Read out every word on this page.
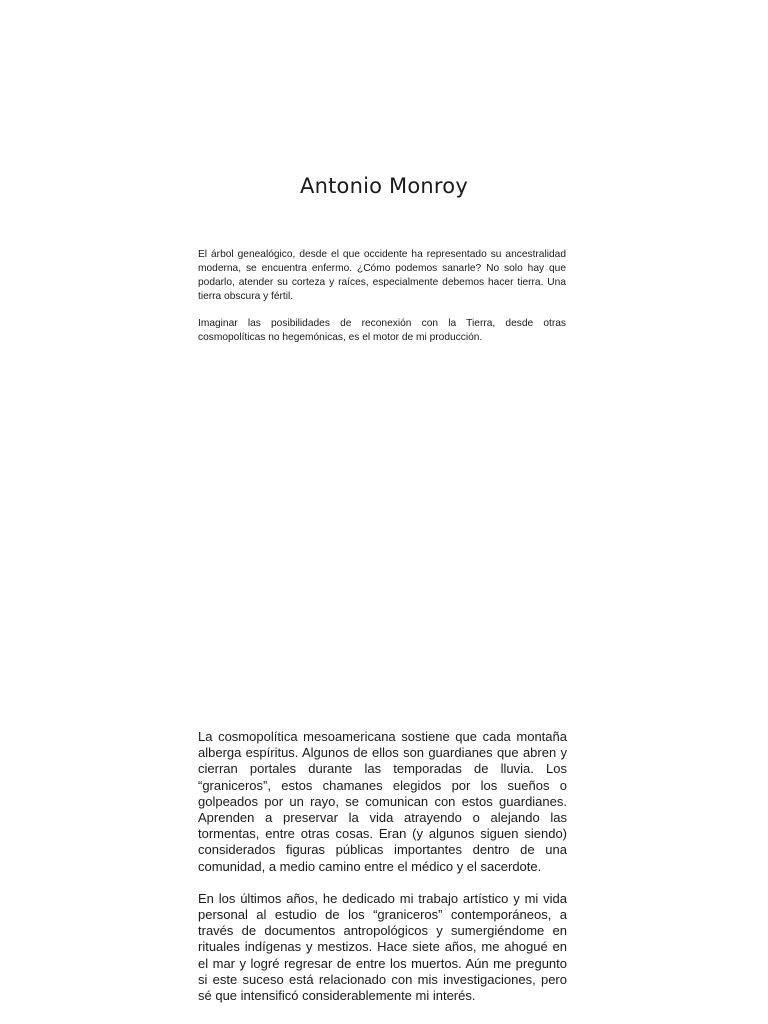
Antonio Monroy

El árbol genealógico, desde el que occidente ha representado su ancestralidad moderna, se encuentra enfermo. ¿Cómo podemos sanarle? No solo hay que podarlo, atender su corteza y raíces, especialmente debemos hacer tierra. Una tierra obscura y fértil.

Imaginar las posibilidades de reconexión con la Tierra, desde otras cosmopolíticas no hegemónicas, es el motor de mi producción.

La cosmopolítica mesoamericana sostiene que cada montaña alberga espíritus. Algunos de ellos son guardianes que abren y cierran portales durante las temporadas de lluvia. Los “graniceros”, estos chamanes elegidos por los sueños o golpeados por un rayo, se comunican con estos guardianes. Aprenden a preservar la vida atrayendo o alejando las tormentas, entre otras cosas. Eran (y algunos siguen siendo) considerados figuras públicas importantes dentro de una comunidad, a medio camino entre el médico y el sacerdote.

En los últimos años, he dedicado mi trabajo artístico y mi vida personal al estudio de los “graniceros” contemporáneos, a través de documentos antropológicos y sumergiéndome en rituales indígenas y mestizos. Hace siete años, me ahogué en el mar y logré regresar de entre los muertos. Aún me pregunto si este suceso está relacionado con mis investigaciones, pero sé que intensificó considerablemente mi interés.
